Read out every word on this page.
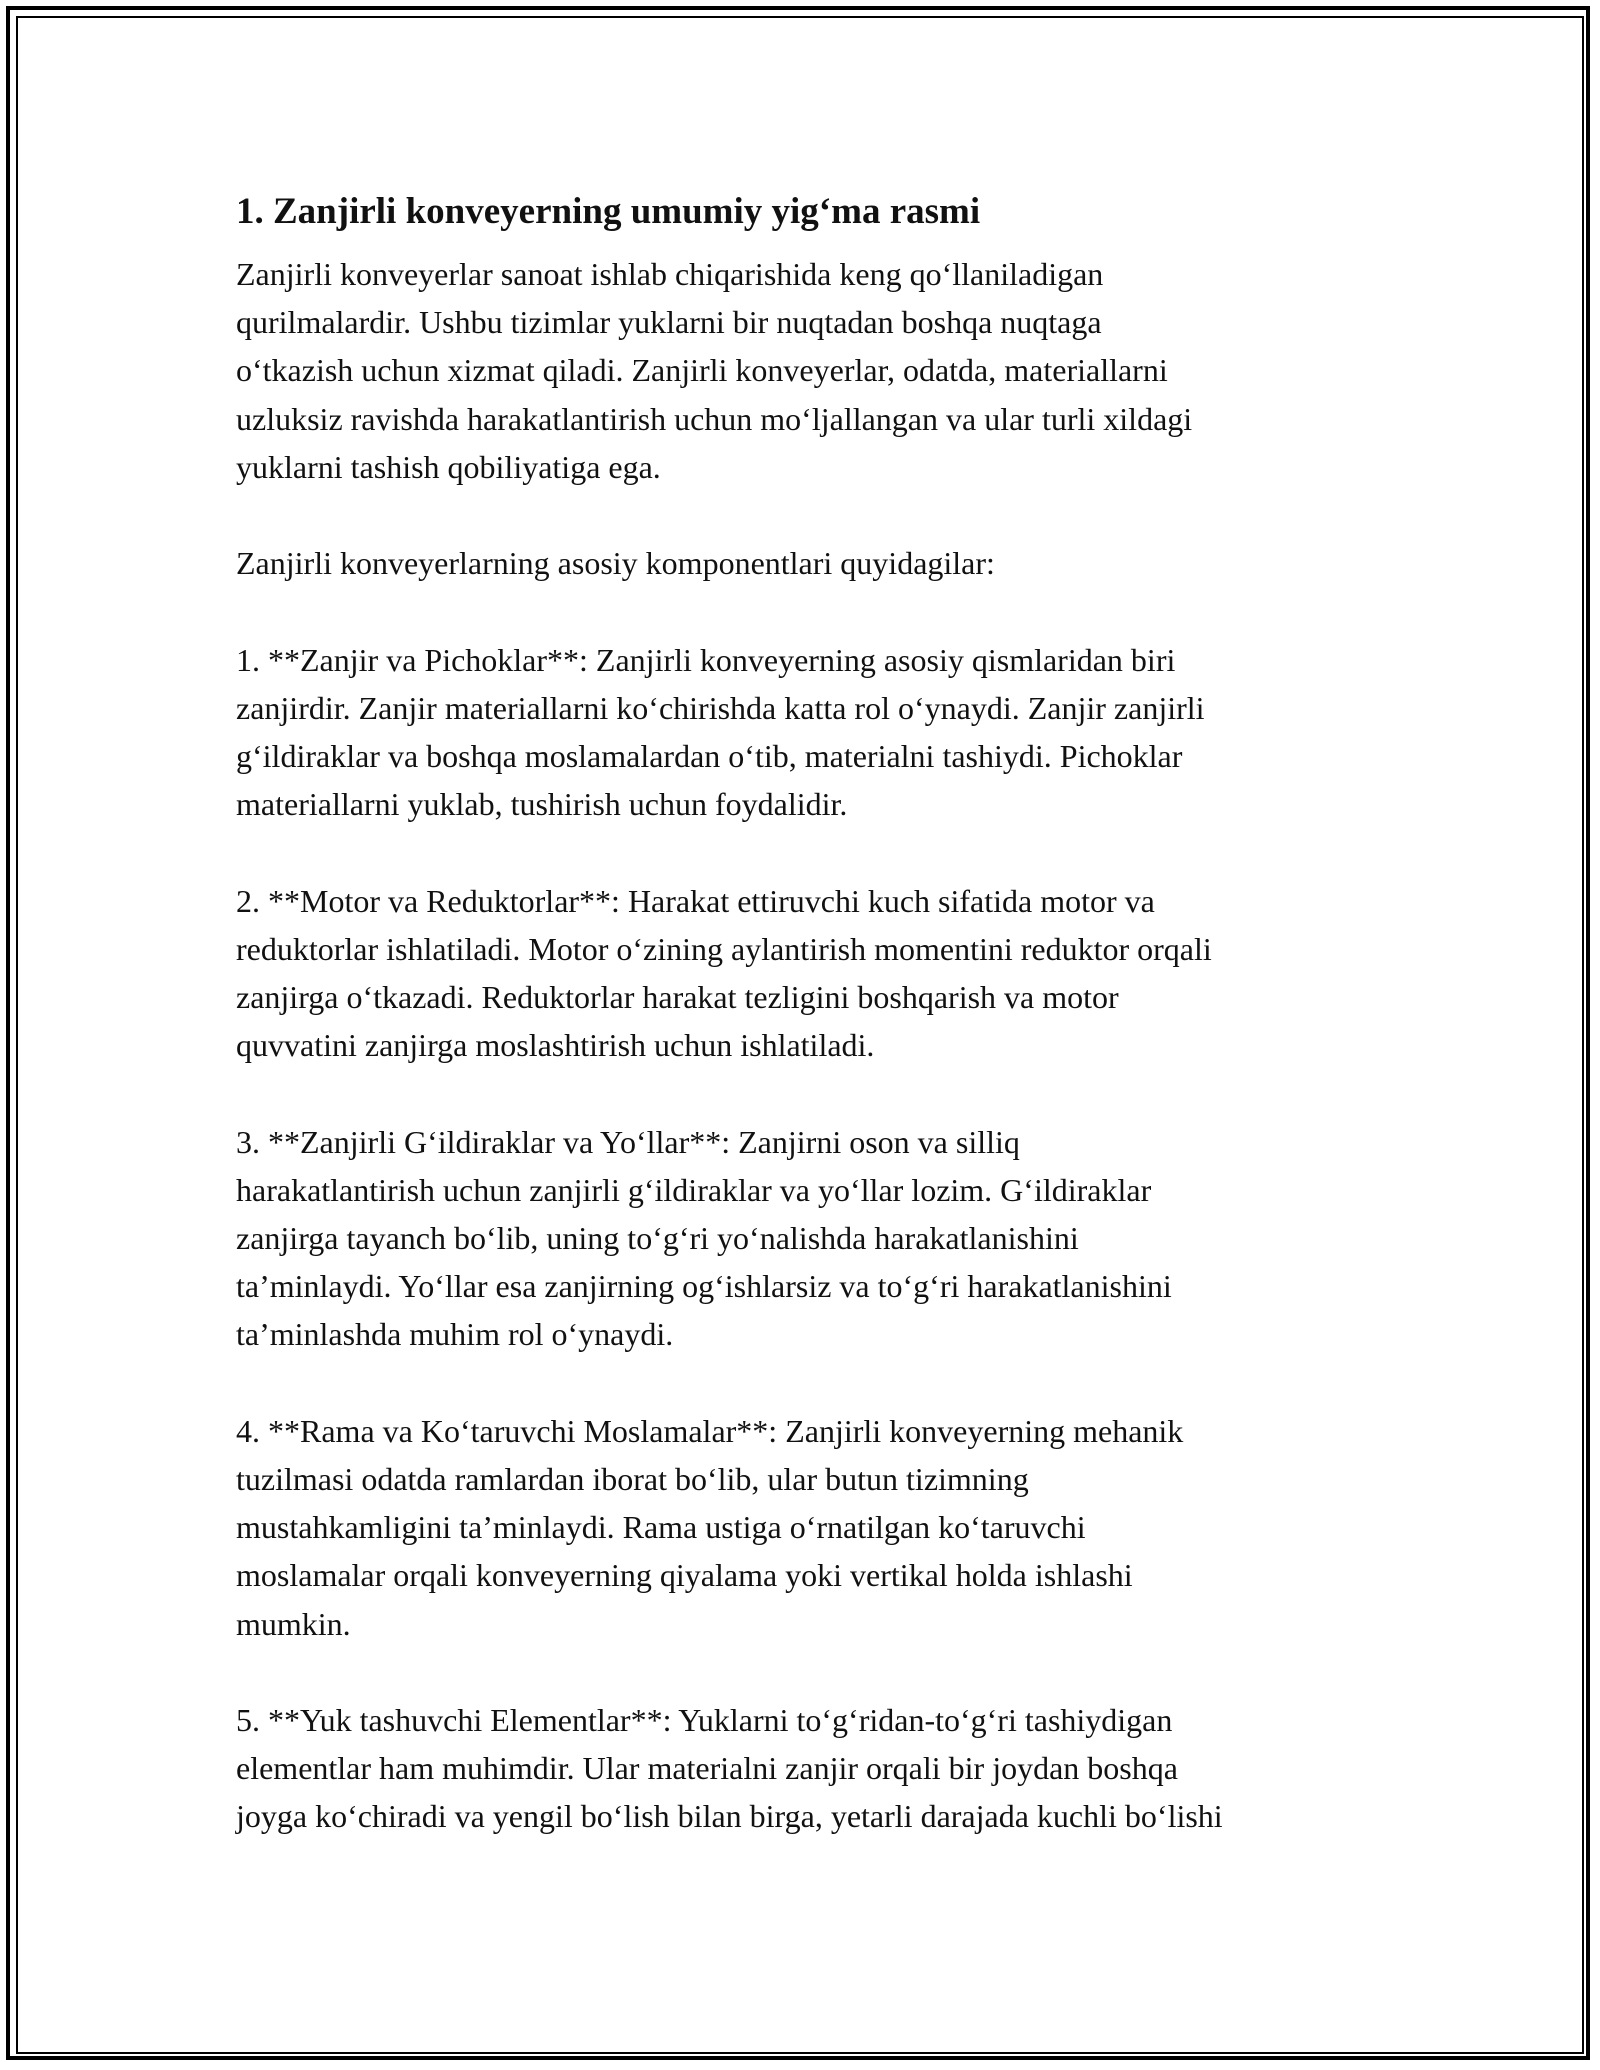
1. Zanjirli konveyerning umumiy yig‘ma rasmi

Zanjirli konveyerlar sanoat ishlab chiqarishida keng qo‘llaniladigan
qurilmalardir. Ushbu tizimlar yuklarni bir nuqtadan boshqa nuqtaga
o‘tkazish uchun xizmat qiladi. Zanjirli konveyerlar, odatda, materiallarni
uzluksiz ravishda harakatlantirish uchun mo‘ljallangan va ular turli xildagi
yuklarni tashish qobiliyatiga ega.

Zanjirli konveyerlarning asosiy komponentlari quyidagilar:

1. **Zanjir va Pichoklar**: Zanjirli konveyerning asosiy qismlaridan biri
zanjirdir. Zanjir materiallarni ko‘chirishda katta rol o‘ynaydi. Zanjir zanjirli
g‘ildiraklar va boshqa moslamalardan o‘tib, materialni tashiydi. Pichoklar
materiallarni yuklab, tushirish uchun foydalidir.

2. **Motor va Reduktorlar**: Harakat ettiruvchi kuch sifatida motor va
reduktorlar ishlatiladi. Motor o‘zining aylantirish momentini reduktor orqali
zanjirga o‘tkazadi. Reduktorlar harakat tezligini boshqarish va motor
quvvatini zanjirga moslashtirish uchun ishlatiladi.

3. **Zanjirli G‘ildiraklar va Yo‘llar**: Zanjirni oson va silliq
harakatlantirish uchun zanjirli g‘ildiraklar va yo‘llar lozim. G‘ildiraklar
zanjirga tayanch bo‘lib, uning to‘g‘ri yo‘nalishda harakatlanishini
ta’minlaydi. Yo‘llar esa zanjirning og‘ishlarsiz va to‘g‘ri harakatlanishini
ta’minlashda muhim rol o‘ynaydi.

4. **Rama va Ko‘taruvchi Moslamalar**: Zanjirli konveyerning mehanik
tuzilmasi odatda ramlardan iborat bo‘lib, ular butun tizimning
mustahkamligini ta’minlaydi. Rama ustiga o‘rnatilgan ko‘taruvchi
moslamalar orqali konveyerning qiyalama yoki vertikal holda ishlashi
mumkin.

5. **Yuk tashuvchi Elementlar**: Yuklarni to‘g‘ridan-to‘g‘ri tashiydigan
elementlar ham muhimdir. Ular materialni zanjir orqali bir joydan boshqa
joyga ko‘chiradi va yengil bo‘lish bilan birga, yetarli darajada kuchli bo‘lishi
